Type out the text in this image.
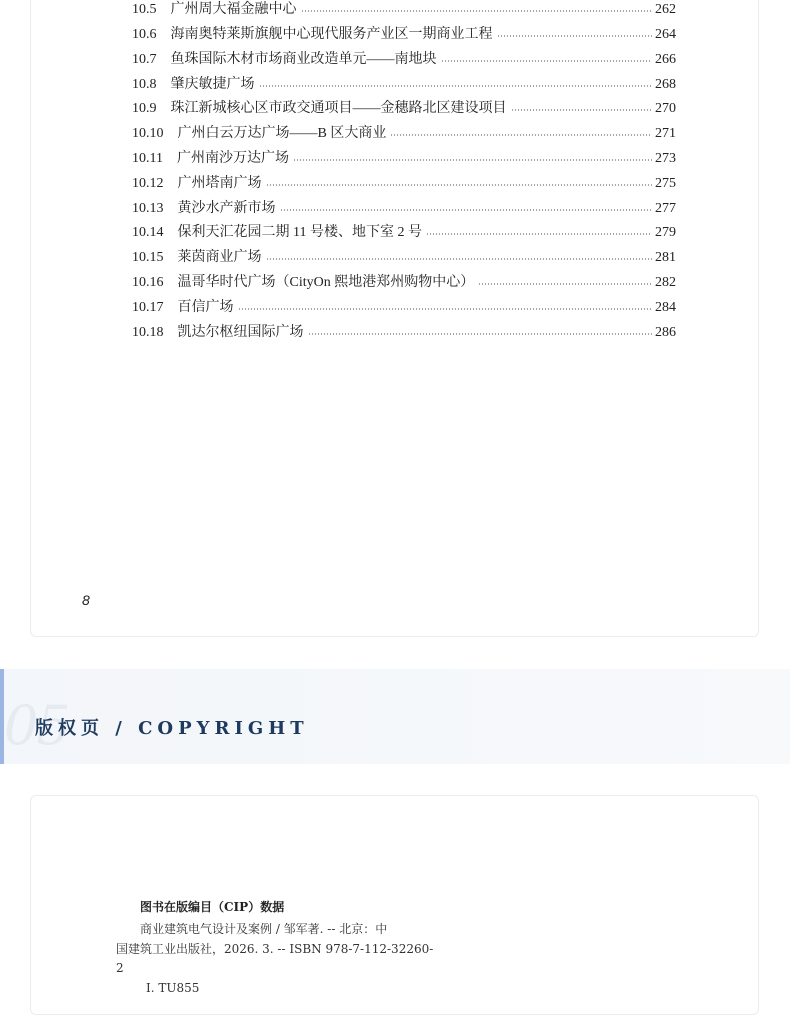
10.5 广州周大福金融中心	262
10.6 海南奥特莱斯旗舰中心现代服务产业区一期商业工程	264
10.7 鱼珠国际木材市场商业改造单元——南地块	266
10.8 肇庆敏捷广场	268
10.9 珠江新城核心区市政交通项目——金穗路北区建设项目	270
10.10 广州白云万达广场——B 区大商业	271
10.11 广州南沙万达广场	273
10.12 广州塔南广场	275
10.13 黄沙水产新市场	277
10.14 保利天汇花园二期 11 号楼、地下室 2 号	279
10.15 莱茵商业广场	281
10.16 温哥华时代广场（CityOn 熙地港郑州购物中心）	282
10.17 百信广场	284
10.18 凯达尔枢纽国际广场	286
8
05
版权页 / COPYRIGHT
图书在版编目（CIP）数据
商业建筑电气设计及案例 / 邹军著. -- 北京：中
国建筑工业出版社，2026. 3. -- ISBN 978-7-112-32260-
2
Ⅰ. TU855
